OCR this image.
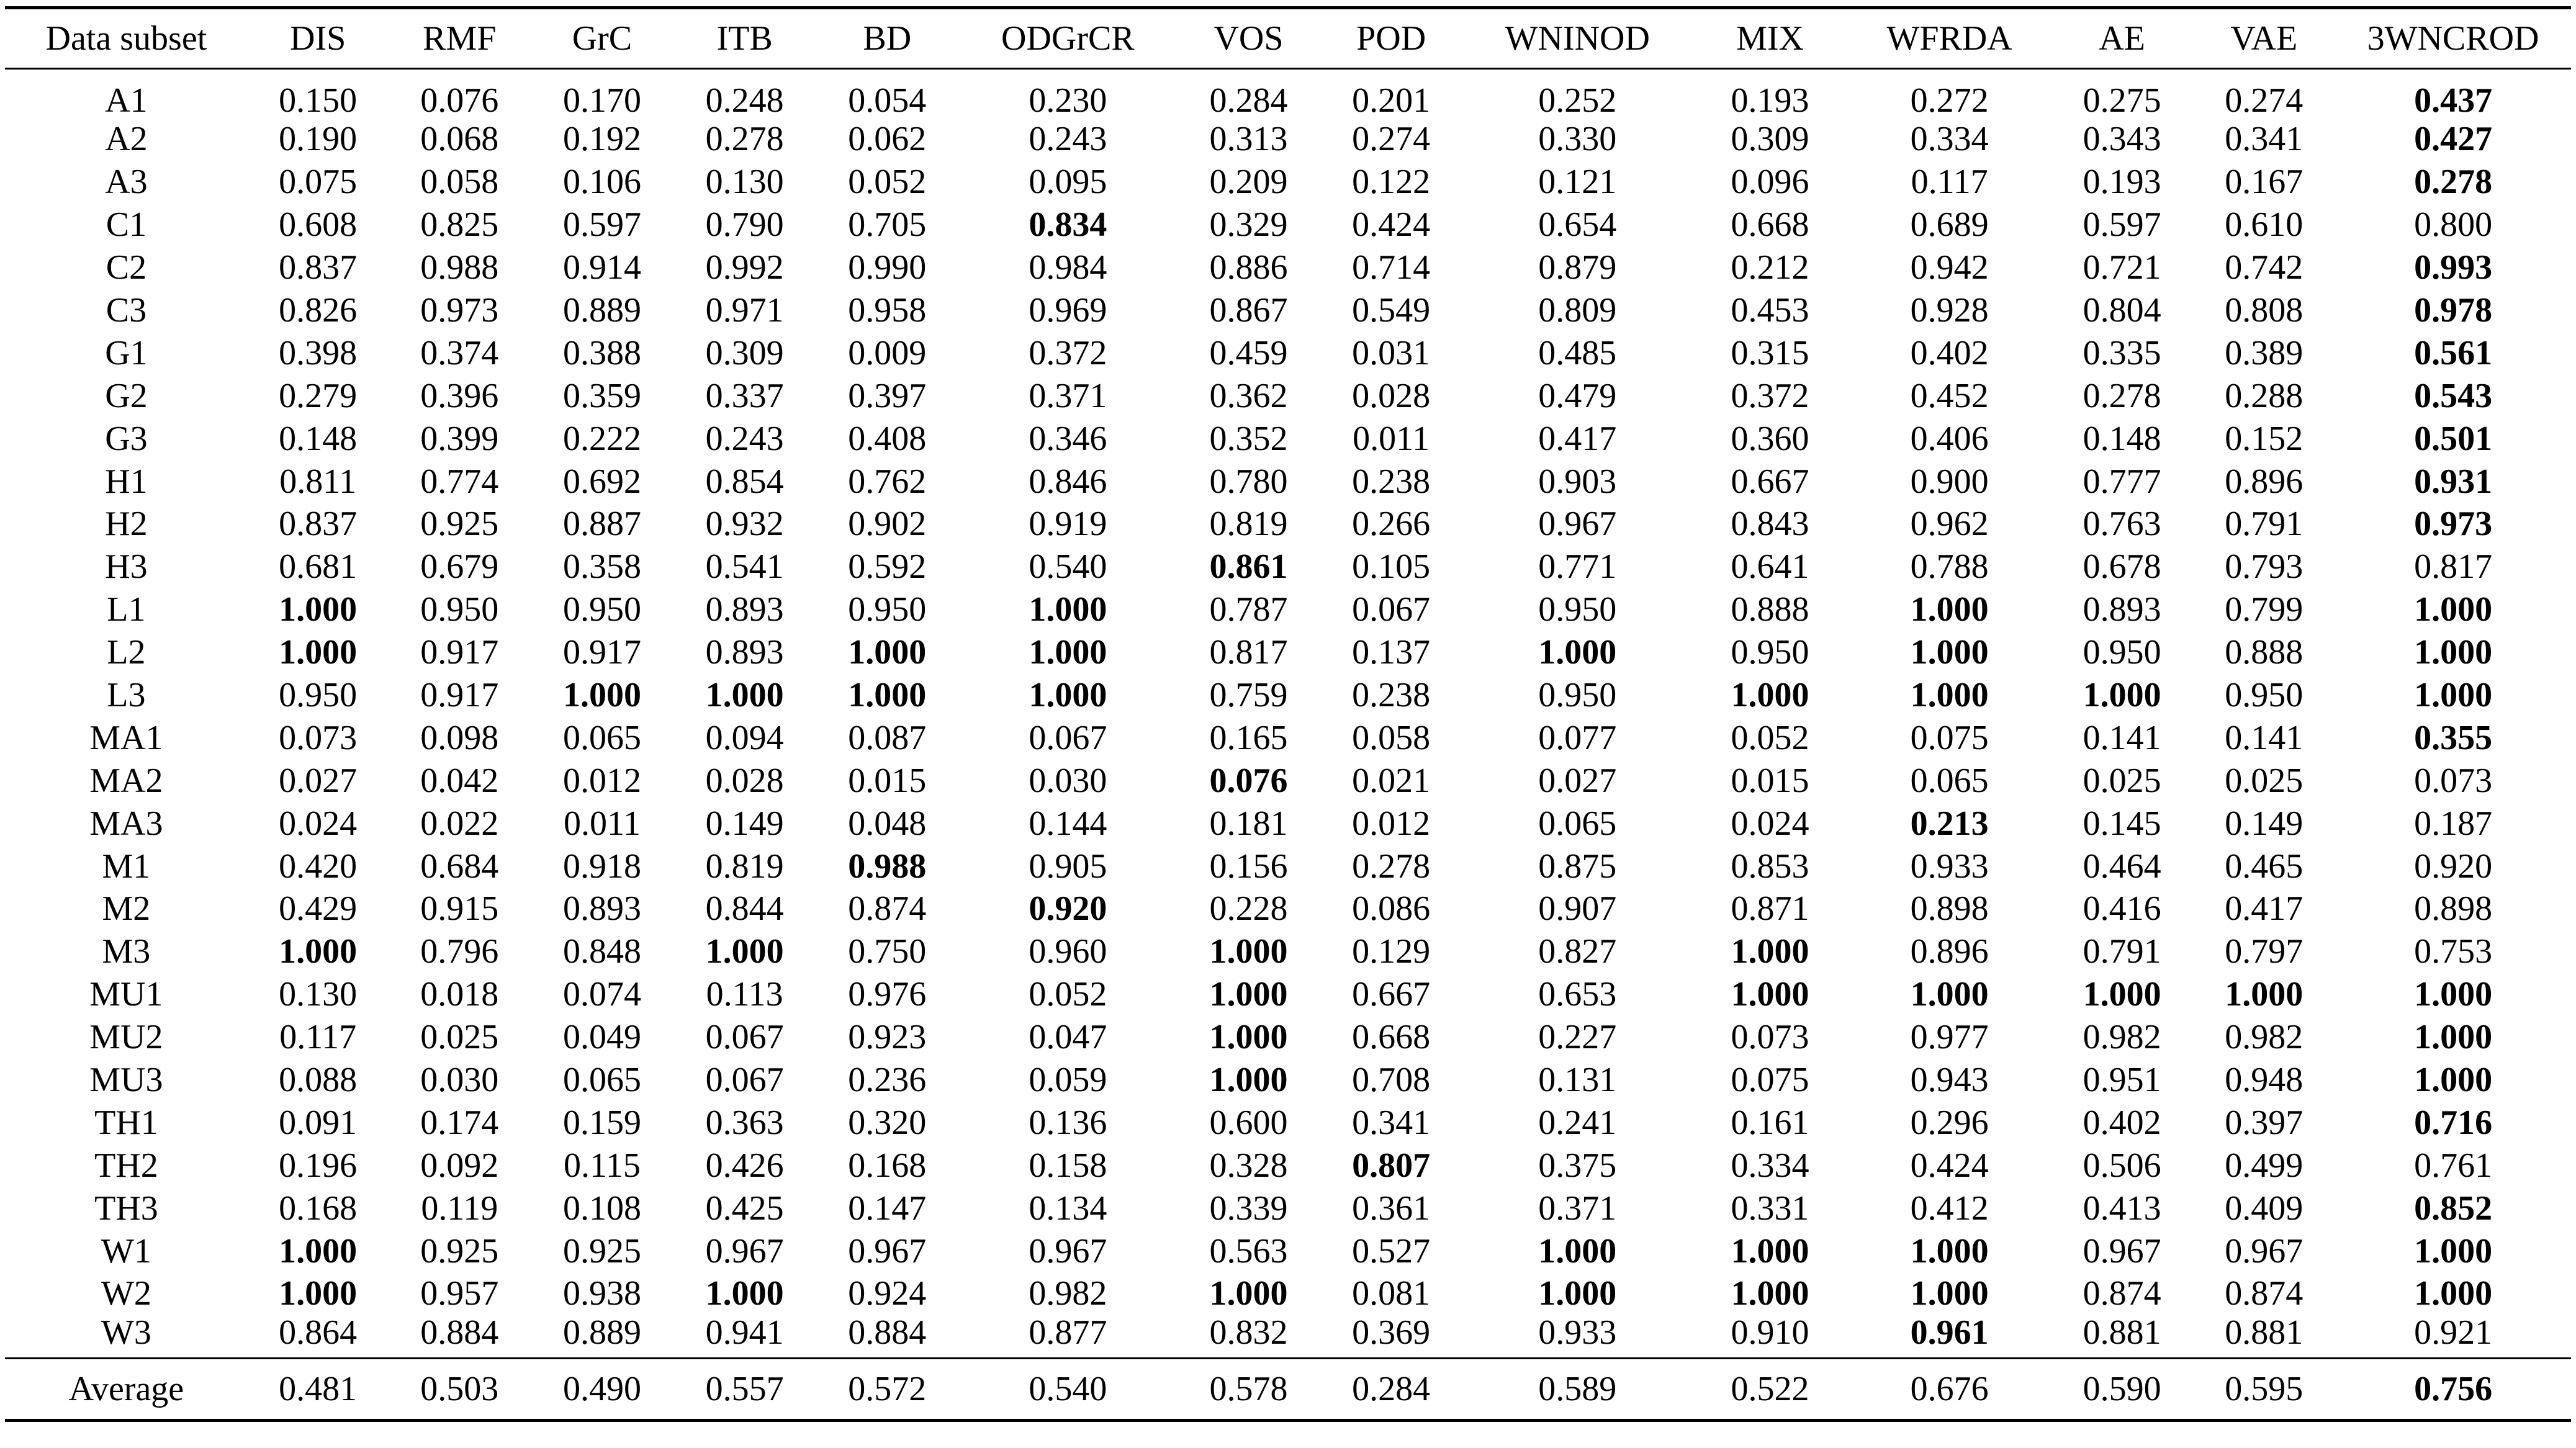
Data subset	DIS	RMF	GrC	ITB	BD	ODGrCR	VOS	POD	WNINOD	MIX	WFRDA	AE	VAE	3WNCROD
A1	0.150	0.076	0.170	0.248	0.054	0.230	0.284	0.201	0.252	0.193	0.272	0.275	0.274	0.437
A2	0.190	0.068	0.192	0.278	0.062	0.243	0.313	0.274	0.330	0.309	0.334	0.343	0.341	0.427
A3	0.075	0.058	0.106	0.130	0.052	0.095	0.209	0.122	0.121	0.096	0.117	0.193	0.167	0.278
C1	0.608	0.825	0.597	0.790	0.705	0.834	0.329	0.424	0.654	0.668	0.689	0.597	0.610	0.800
C2	0.837	0.988	0.914	0.992	0.990	0.984	0.886	0.714	0.879	0.212	0.942	0.721	0.742	0.993
C3	0.826	0.973	0.889	0.971	0.958	0.969	0.867	0.549	0.809	0.453	0.928	0.804	0.808	0.978
G1	0.398	0.374	0.388	0.309	0.009	0.372	0.459	0.031	0.485	0.315	0.402	0.335	0.389	0.561
G2	0.279	0.396	0.359	0.337	0.397	0.371	0.362	0.028	0.479	0.372	0.452	0.278	0.288	0.543
G3	0.148	0.399	0.222	0.243	0.408	0.346	0.352	0.011	0.417	0.360	0.406	0.148	0.152	0.501
H1	0.811	0.774	0.692	0.854	0.762	0.846	0.780	0.238	0.903	0.667	0.900	0.777	0.896	0.931
H2	0.837	0.925	0.887	0.932	0.902	0.919	0.819	0.266	0.967	0.843	0.962	0.763	0.791	0.973
H3	0.681	0.679	0.358	0.541	0.592	0.540	0.861	0.105	0.771	0.641	0.788	0.678	0.793	0.817
L1	1.000	0.950	0.950	0.893	0.950	1.000	0.787	0.067	0.950	0.888	1.000	0.893	0.799	1.000
L2	1.000	0.917	0.917	0.893	1.000	1.000	0.817	0.137	1.000	0.950	1.000	0.950	0.888	1.000
L3	0.950	0.917	1.000	1.000	1.000	1.000	0.759	0.238	0.950	1.000	1.000	1.000	0.950	1.000
MA1	0.073	0.098	0.065	0.094	0.087	0.067	0.165	0.058	0.077	0.052	0.075	0.141	0.141	0.355
MA2	0.027	0.042	0.012	0.028	0.015	0.030	0.076	0.021	0.027	0.015	0.065	0.025	0.025	0.073
MA3	0.024	0.022	0.011	0.149	0.048	0.144	0.181	0.012	0.065	0.024	0.213	0.145	0.149	0.187
M1	0.420	0.684	0.918	0.819	0.988	0.905	0.156	0.278	0.875	0.853	0.933	0.464	0.465	0.920
M2	0.429	0.915	0.893	0.844	0.874	0.920	0.228	0.086	0.907	0.871	0.898	0.416	0.417	0.898
M3	1.000	0.796	0.848	1.000	0.750	0.960	1.000	0.129	0.827	1.000	0.896	0.791	0.797	0.753
MU1	0.130	0.018	0.074	0.113	0.976	0.052	1.000	0.667	0.653	1.000	1.000	1.000	1.000	1.000
MU2	0.117	0.025	0.049	0.067	0.923	0.047	1.000	0.668	0.227	0.073	0.977	0.982	0.982	1.000
MU3	0.088	0.030	0.065	0.067	0.236	0.059	1.000	0.708	0.131	0.075	0.943	0.951	0.948	1.000
TH1	0.091	0.174	0.159	0.363	0.320	0.136	0.600	0.341	0.241	0.161	0.296	0.402	0.397	0.716
TH2	0.196	0.092	0.115	0.426	0.168	0.158	0.328	0.807	0.375	0.334	0.424	0.506	0.499	0.761
TH3	0.168	0.119	0.108	0.425	0.147	0.134	0.339	0.361	0.371	0.331	0.412	0.413	0.409	0.852
W1	1.000	0.925	0.925	0.967	0.967	0.967	0.563	0.527	1.000	1.000	1.000	0.967	0.967	1.000
W2	1.000	0.957	0.938	1.000	0.924	0.982	1.000	0.081	1.000	1.000	1.000	0.874	0.874	1.000
W3	0.864	0.884	0.889	0.941	0.884	0.877	0.832	0.369	0.933	0.910	0.961	0.881	0.881	0.921
Average	0.481	0.503	0.490	0.557	0.572	0.540	0.578	0.284	0.589	0.522	0.676	0.590	0.595	0.756
